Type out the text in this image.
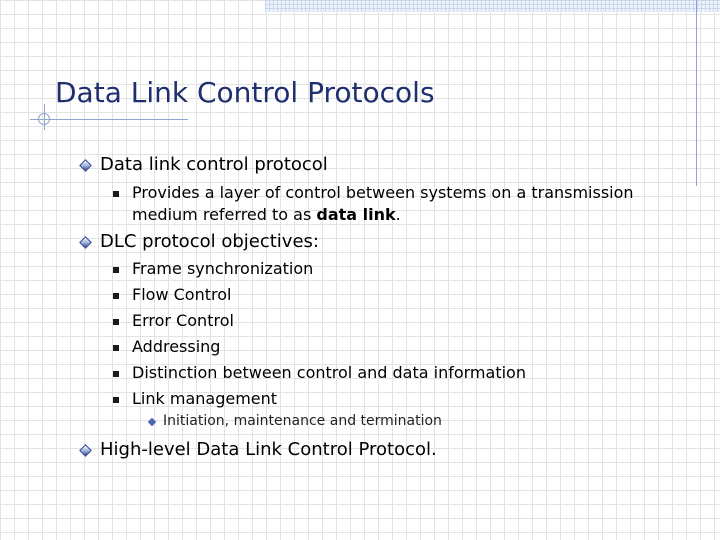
Data Link Control Protocols
Data link control protocol
Provides a layer of control between systems on a transmission medium referred to as data link.
DLC protocol objectives:
Frame synchronization
Flow Control
Error Control
Addressing
Distinction between control and data information
Link management
Initiation, maintenance and termination
High-level Data Link Control Protocol.
